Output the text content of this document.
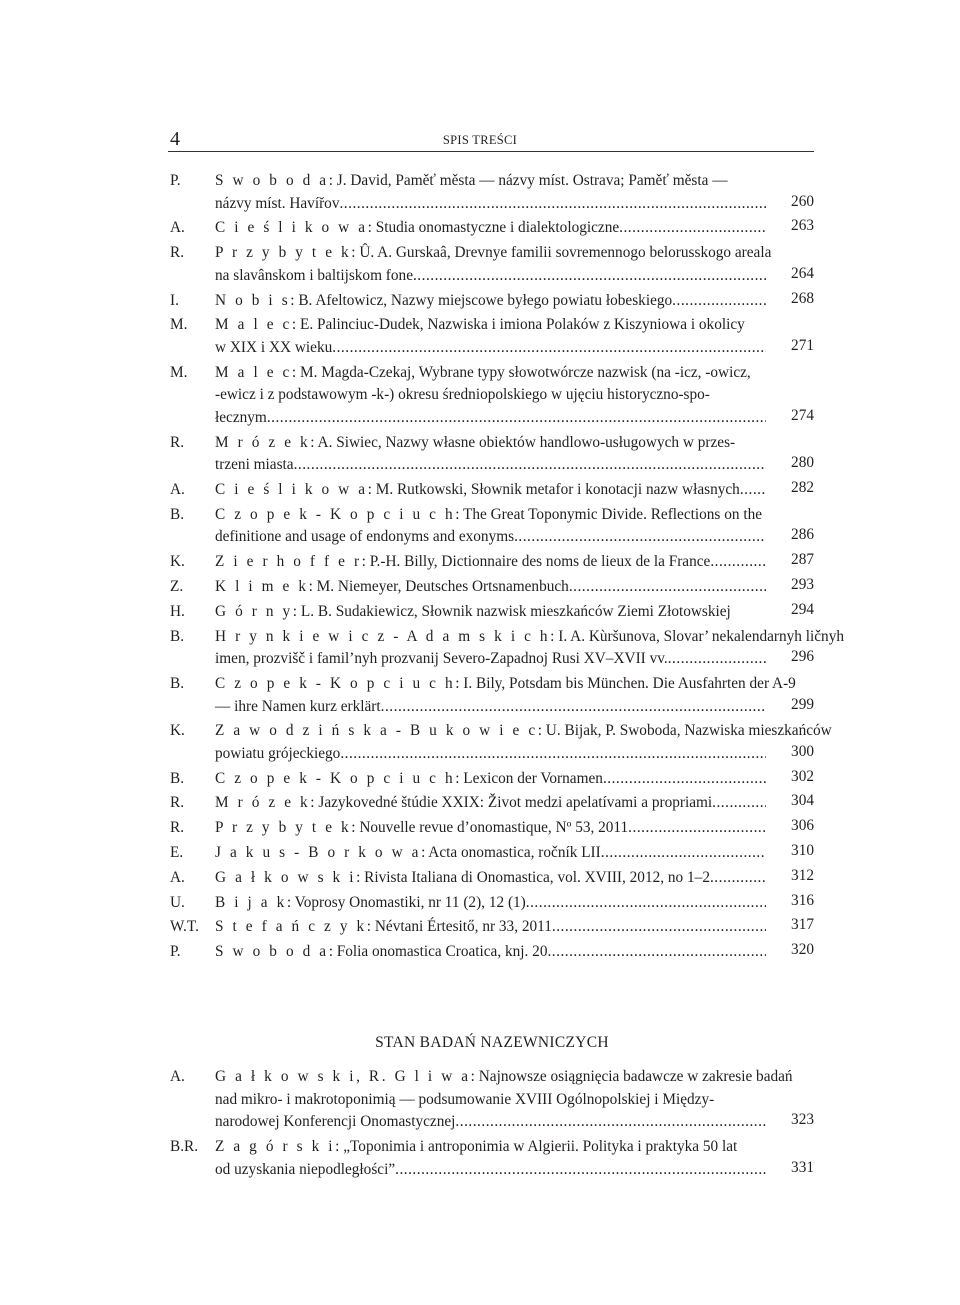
4	SPIS TREŚCI
P. S w o b o d a: J. David, Paměť města — názvy míst. Ostrava; Paměť města —
názvy míst. Havířov .....	260
A. C i e ś l i k o w a: Studia onomastyczne i dialektologiczne .....	263
R. P r z y b y t e k: Û. A. Gurskaâ, Drevnye familii sovremennogo belorusskogo areala
na slavânskom i baltijskom fone .....	264
I. N o b i s: B. Afeltowicz, Nazwy miejscowe byłego powiatu łobeskiego .....	268
M. M a l e c: E. Palinciuc-Dudek, Nazwiska i imiona Polaków z Kiszyniowa i okolicy
w XIX i XX wieku .....	271
M. M a l e c: M. Magda-Czekaj, Wybrane typy słowotwórcze nazwisk (na -icz, -owicz,
-ewicz i z podstawowym -k-) okresu średniopolskiego w ujęciu historyczno-spo-
łecznym .....	274
R. M r ó z e k: A. Siwiec, Nazwy własne obiektów handlowo-usługowych w przes-
trzeni miasta .....	280
A. C i e ś l i k o w a: M. Rutkowski, Słownik metafor i konotacji nazw własnych .....	282
B. C z o p e k - K o p c i u c h: The Great Toponymic Divide. Reflections on the
definitione and usage of endonyms and exonyms .....	286
K. Z i e r h o f f e r: P.-H. Billy, Dictionnaire des noms de lieux de la France .....	287
Z. K l i m e k: M. Niemeyer, Deutsches Ortsnamenbuch .....	293
H. G ó r n y: L. B. Sudakiewicz, Słownik nazwisk mieszkańców Ziemi Złotowskiej	294
B. H r y n k i e w i c z - A d a m s k i c h: I. A. Kùršunova, Slovar’ nekalendarnyh ličnyh
imen, prozvišč i famil’nyh prozvanij Severo-Zapadnoj Rusi XV–XVII vv. .....	296
B. C z o p e k - K o p c i u c h: I. Bily, Potsdam bis München. Die Ausfahrten der A-9
— ihre Namen kurz erklärt .....	299
K. Z a w o d z i ń s k a - B u k o w i e c: U. Bijak, P. Swoboda, Nazwiska mieszkańców
powiatu grójeckiego .....	300
B. C z o p e k - K o p c i u c h: Lexicon der Vornamen .....	302
R. M r ó z e k: Jazykovedné štúdie XXIX: Život medzi apelatívami a propriami .....	304
R. P r z y b y t e k: Nouvelle revue d’onomastique, Nº 53, 2011 .....	306
E. J a k u s - B o r k o w a: Acta onomastica, ročník LII .....	310
A. G a ł k o w s k i: Rivista Italiana di Onomastica, vol. XVIII, 2012, no 1–2 .....	312
U. B i j a k: Voprosy Onomastiki, nr 11 (2), 12 (1) .....	316
W.T. S t e f a ń c z y k: Névtani Értesitő, nr 33, 2011 .....	317
P. S w o b o d a: Folia onomastica Croatica, knj. 20 .....	320
STAN BADAŃ NAZEWNICZYCH
A. G a ł k o w s k i, R. G l i w a: Najnowsze osiągnięcia badawcze w zakresie badań
nad mikro- i makrotoponimią — podsumowanie XVIII Ogólnopolskiej i Między-
narodowej Konferencji Onomastycznej .....	323
B.R. Z a g ó r s k i: „Toponimia i antroponimia w Algierii. Polityka i praktyka 50 lat
od uzyskania niepodległości” .....	331
